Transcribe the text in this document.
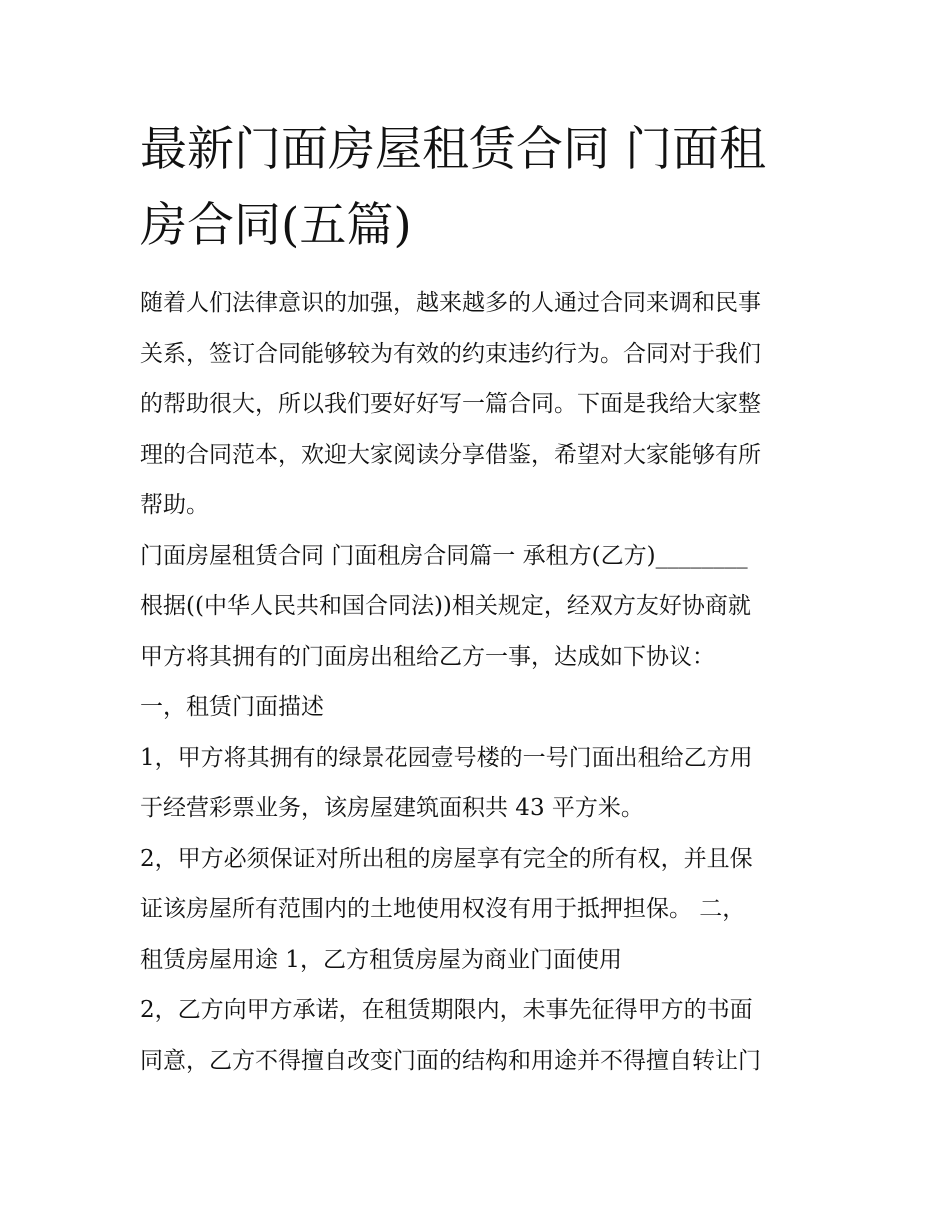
最新门面房屋租赁合同 门面租
房合同(五篇)
随着人们法律意识的加强，越来越多的人通过合同来调和民事
关系，签订合同能够较为有效的约束违约行为。合同对于我们
的帮助很大，所以我们要好好写一篇合同。下面是我给大家整
理的合同范本，欢迎大家阅读分享借鉴，希望对大家能够有所
帮助。
门面房屋租赁合同 门面租房合同篇一 承租方(乙方)________
根据((中华人民共和国合同法))相关规定，经双方友好协商就
甲方将其拥有的门面房出租给乙方一事，达成如下协议：
一，租赁门面描述
1，甲方将其拥有的绿景花园壹号楼的一号门面出租给乙方用
于经营彩票业务，该房屋建筑面积共 43 平方米。
2，甲方必须保证对所出租的房屋享有完全的所有权，并且保
证该房屋所有范围内的土地使用权沒有用于抵押担保。 二，
租赁房屋用途 1，乙方租赁房屋为商业门面使用
2，乙方向甲方承诺，在租赁期限内，未事先征得甲方的书面
同意，乙方不得擅自改变门面的结构和用途并不得擅自转让门
